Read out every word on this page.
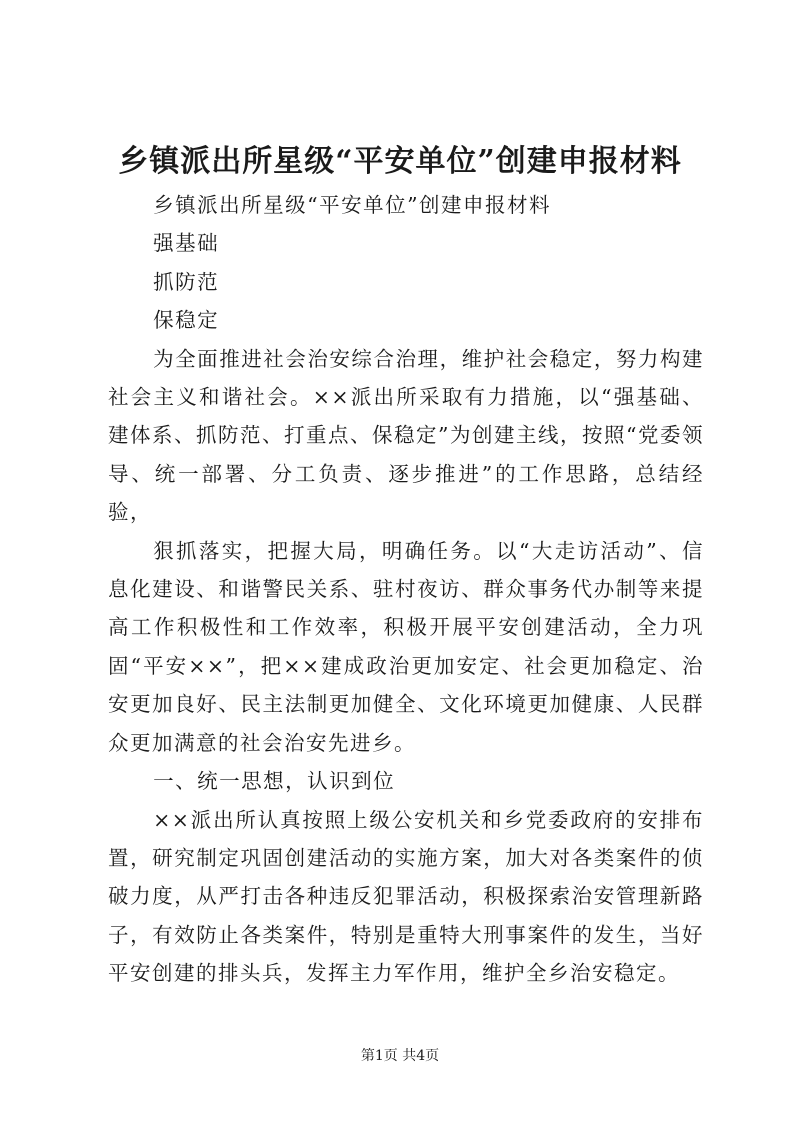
乡镇派出所星级“平安单位”创建申报材料

乡镇派出所星级“平安单位”创建申报材料

强基础

抓防范

保稳定

为全面推进社会治安综合治理，维护社会稳定，努力构建社会主义和谐社会。××派出所采取有力措施，以“强基础、建体系、抓防范、打重点、保稳定”为创建主线，按照“党委领导、统一部署、分工负责、逐步推进”的工作思路，总结经验，

狠抓落实，把握大局，明确任务。以“大走访活动”、信息化建设、和谐警民关系、驻村夜访、群众事务代办制等来提高工作积极性和工作效率，积极开展平安创建活动，全力巩固“平安××”，把××建成政治更加安定、社会更加稳定、治安更加良好、民主法制更加健全、文化环境更加健康、人民群众更加满意的社会治安先进乡。

一、统一思想，认识到位

××派出所认真按照上级公安机关和乡党委政府的安排布置，研究制定巩固创建活动的实施方案，加大对各类案件的侦破力度，从严打击各种违反犯罪活动，积极探索治安管理新路子，有效防止各类案件，特别是重特大刑事案件的发生，当好平安创建的排头兵，发挥主力军作用，维护全乡治安稳定。

第1页 共4页
